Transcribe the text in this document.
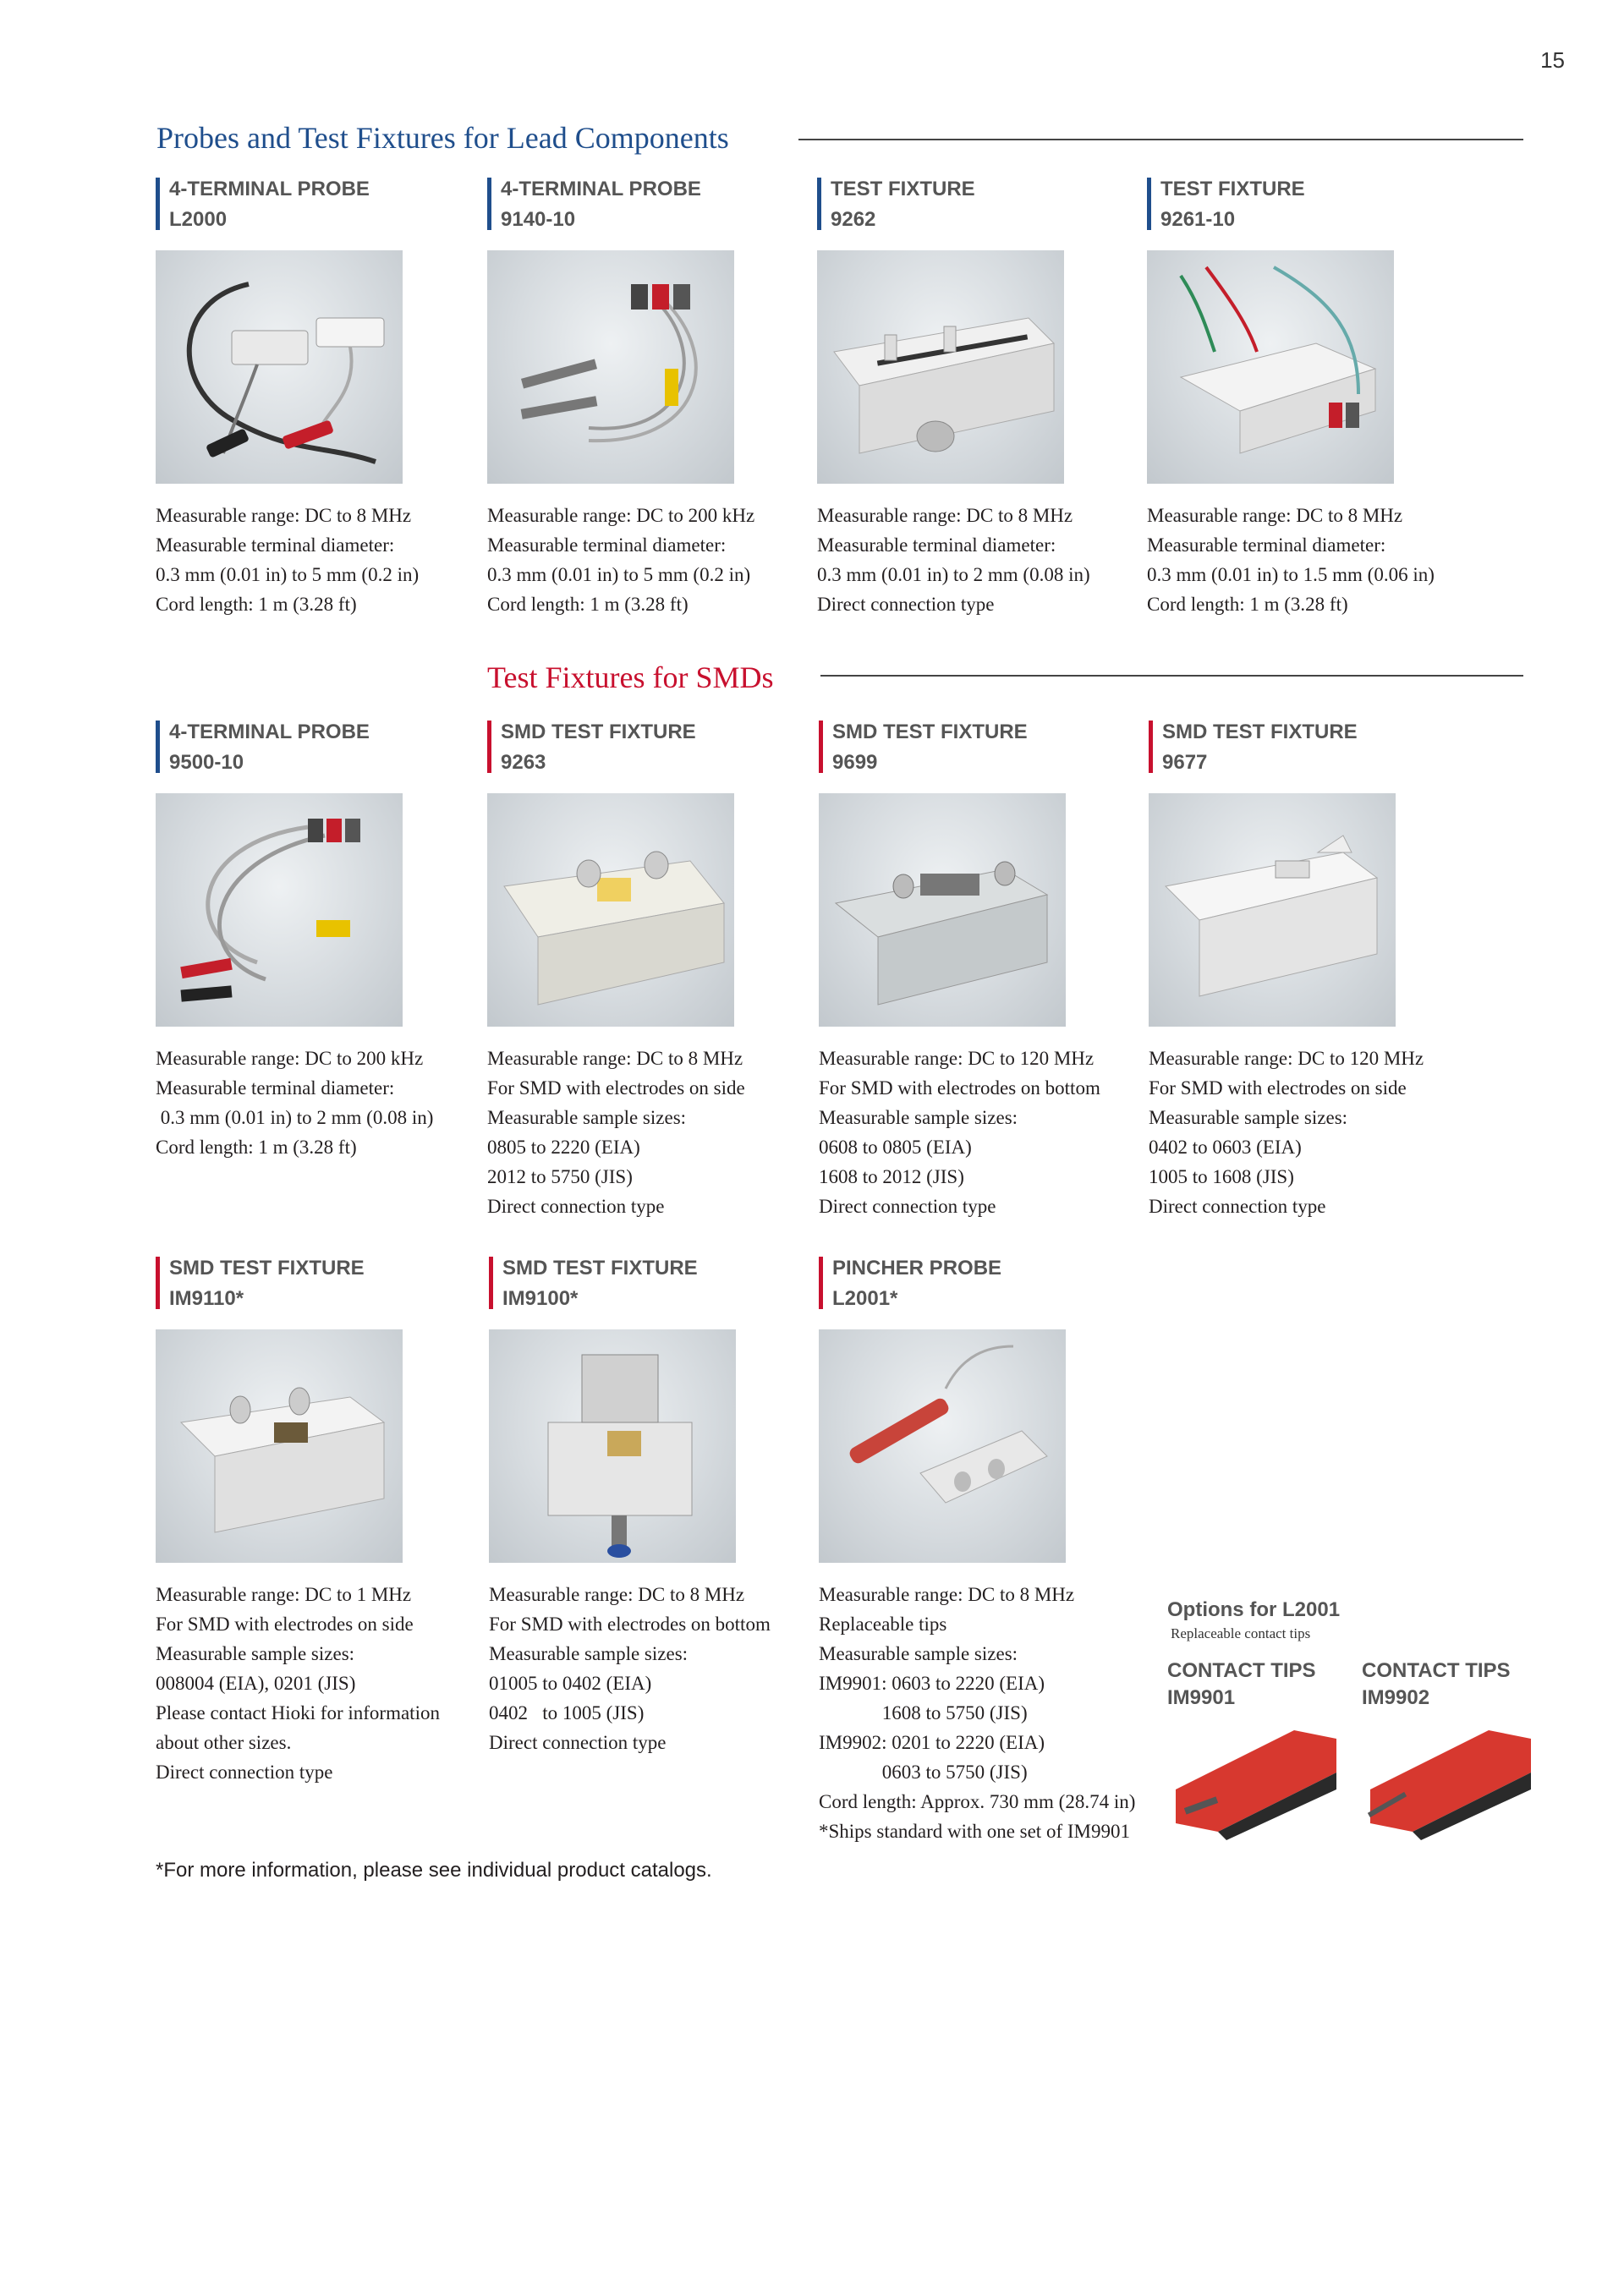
15
Probes and Test Fixtures for Lead Components
Test Fixtures for SMDs
4-TERMINAL PROBE
L2000
Measurable range: DC to 8 MHz
Measurable terminal diameter:
0.3 mm (0.01 in) to 5 mm (0.2 in)
Cord length: 1 m (3.28 ft)
4-TERMINAL PROBE
9140-10
Measurable range: DC to 200 kHz
Measurable terminal diameter:
0.3 mm (0.01 in) to 5 mm (0.2 in)
Cord length: 1 m (3.28 ft)
TEST FIXTURE
9262
Measurable range: DC to 8 MHz
Measurable terminal diameter:
0.3 mm (0.01 in) to 2 mm (0.08 in)
Direct connection type
TEST FIXTURE
9261-10
Measurable range: DC to 8 MHz
Measurable terminal diameter:
0.3 mm (0.01 in) to 1.5 mm (0.06 in)
Cord length: 1 m (3.28 ft)
4-TERMINAL PROBE
9500-10
Measurable range: DC to 200 kHz
Measurable terminal diameter:
0.3 mm (0.01 in) to 2 mm (0.08 in)
Cord length: 1 m (3.28 ft)
SMD TEST FIXTURE
9263
Measurable range: DC to 8 MHz
For SMD with electrodes on side
Measurable sample sizes:
0805 to 2220 (EIA)
2012 to 5750 (JIS)
Direct connection type
SMD TEST FIXTURE
9699
Measurable range: DC to 120 MHz
For SMD with electrodes on bottom
Measurable sample sizes:
0608 to 0805 (EIA)
1608 to 2012 (JIS)
Direct connection type
SMD TEST FIXTURE
9677
Measurable range: DC to 120 MHz
For SMD with electrodes on side
Measurable sample sizes:
0402 to 0603 (EIA)
1005 to 1608 (JIS)
Direct connection type
SMD TEST FIXTURE
IM9110*
Measurable range: DC to 1 MHz
For SMD with electrodes on side
Measurable sample sizes:
008004 (EIA), 0201 (JIS)
Please contact Hioki for information
about other sizes.
Direct connection type
SMD TEST FIXTURE
IM9100*
Measurable range: DC to 8 MHz
For SMD with electrodes on bottom
Measurable sample sizes:
01005 to 0402 (EIA)
0402   to 1005 (JIS)
Direct connection type
PINCHER PROBE
L2001*
Measurable range: DC to 8 MHz
Replaceable tips
Measurable sample sizes:
IM9901: 0603 to 2220 (EIA)
1608 to 5750 (JIS)
IM9902: 0201 to 2220 (EIA)
0603 to 5750 (JIS)
Cord length: Approx. 730 mm (28.74 in)
*Ships standard with one set of IM9901
Options for L2001
Replaceable contact tips
CONTACT TIPS
IM9901
CONTACT TIPS
IM9902
*For more information, please see individual product catalogs.
